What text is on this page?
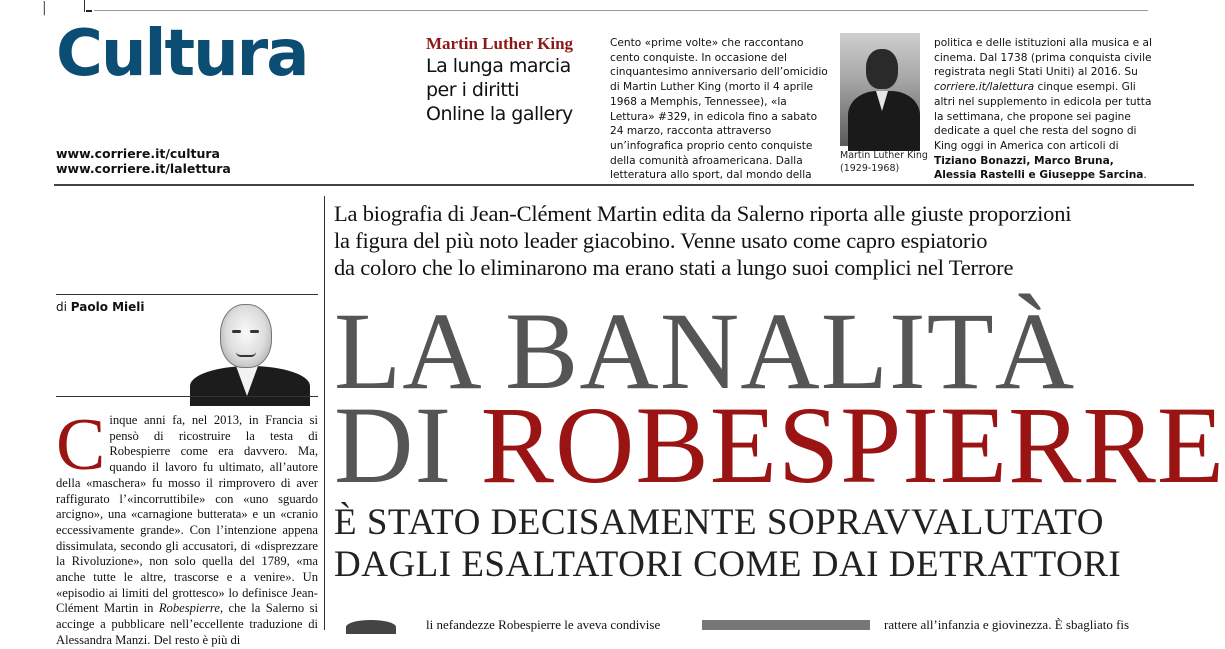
|
Cultura
www.corriere.it/cultura
www.corriere.it/lalettura
Martin Luther King
La lunga marcia
per i diritti
Online la gallery
Cento «prime volte» che raccontano cento conquiste. In occasione del cinquantesimo anniversario dell’omicidio di Martin Luther King (morto il 4 aprile 1968 a Memphis, Tennessee), «la Lettura» #329, in edicola fino a sabato 24 marzo, racconta attraverso un’infografica proprio cento conquiste della comunità afroamericana. Dalla letteratura allo sport, dal mondo della
Martin Luther King (1929-1968)
politica e delle istituzioni alla musica e al cinema. Dal 1738 (prima conquista civile registrata negli Stati Uniti) al 2016. Su corriere.it/lalettura cinque esempi. Gli altri nel supplemento in edicola per tutta la settimana, che propone sei pagine dedicate a quel che resta del sogno di King oggi in America con articoli di Tiziano Bonazzi, Marco Bruna, Alessia Rastelli e Giuseppe Sarcina.
La biografia di Jean-Clément Martin edita da Salerno riporta alle giuste proporzioni
la figura del più noto leader giacobino. Venne usato come capro espiatorio
da coloro che lo eliminarono ma erano stati a lungo suoi complici nel Terrore
di Paolo Mieli LA BANALITÀ
DI ROBESPIERRE
È STATO DECISAMENTE SOPRAVVALUTATO
DAGLI ESALTATORI COME DAI DETRATTORI
Cinque anni fa, nel 2013, in Francia si pensò di ricostruire la testa di Robespierre come era davvero. Ma, quando il lavoro fu ultimato, all’autore della «maschera» fu mosso il rimprovero di aver raffigurato l’«incorruttibile» con «uno sguardo arcigno», una «carnagione butterata» e un «cranio eccessivamente grande». Con l’intenzione appena dissimulata, secondo gli accusatori, di «disprezzare la Rivoluzione», non solo quella del 1789, «ma anche tutte le altre, trascorse e a venire». Un «episodio ai limiti del grottesco» lo definisce Jean-Clément Martin in Robespierre, che la Salerno si accinge a pubblicare nell’eccellente traduzione di Alessandra Manzi. Del resto è più di
li nefandezze Robespierre le aveva condivise	rattere all’infanzia e giovinezza. È sbagliato fis
